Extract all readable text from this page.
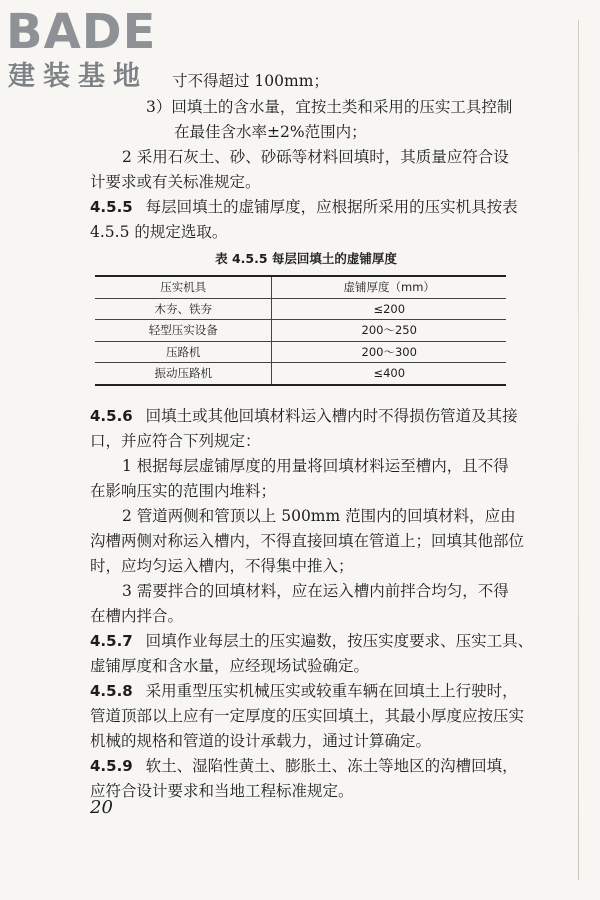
BADE
建装基地 寸不得超过 100mm；
3）回填土的含水量，宜按土类和采用的压实工具控制
在最佳含水率±2%范围内；
2 采用石灰土、砂、砂砾等材料回填时，其质量应符合设
计要求或有关标准规定。
4.5.5 每层回填土的虚铺厚度，应根据所采用的压实机具按表
4.5.5 的规定选取。
表 4.5.5 每层回填土的虚铺厚度
压实机具	虚铺厚度（mm）
木夯、铁夯	≤200
轻型压实设备	200～250
压路机	200～300
振动压路机	≤400
4.5.6 回填土或其他回填材料运入槽内时不得损伤管道及其接
口，并应符合下列规定：
1 根据每层虚铺厚度的用量将回填材料运至槽内，且不得
在影响压实的范围内堆料；
2 管道两侧和管顶以上 500mm 范围内的回填材料，应由
沟槽两侧对称运入槽内，不得直接回填在管道上；回填其他部位
时，应均匀运入槽内，不得集中推入；
3 需要拌合的回填材料，应在运入槽内前拌合均匀，不得
在槽内拌合。
4.5.7 回填作业每层土的压实遍数，按压实度要求、压实工具、
虚铺厚度和含水量，应经现场试验确定。
4.5.8 采用重型压实机械压实或较重车辆在回填土上行驶时，
管道顶部以上应有一定厚度的压实回填土，其最小厚度应按压实
机械的规格和管道的设计承载力，通过计算确定。
4.5.9 软土、湿陷性黄土、膨胀土、冻土等地区的沟槽回填，
应符合设计要求和当地工程标准规定。
20
